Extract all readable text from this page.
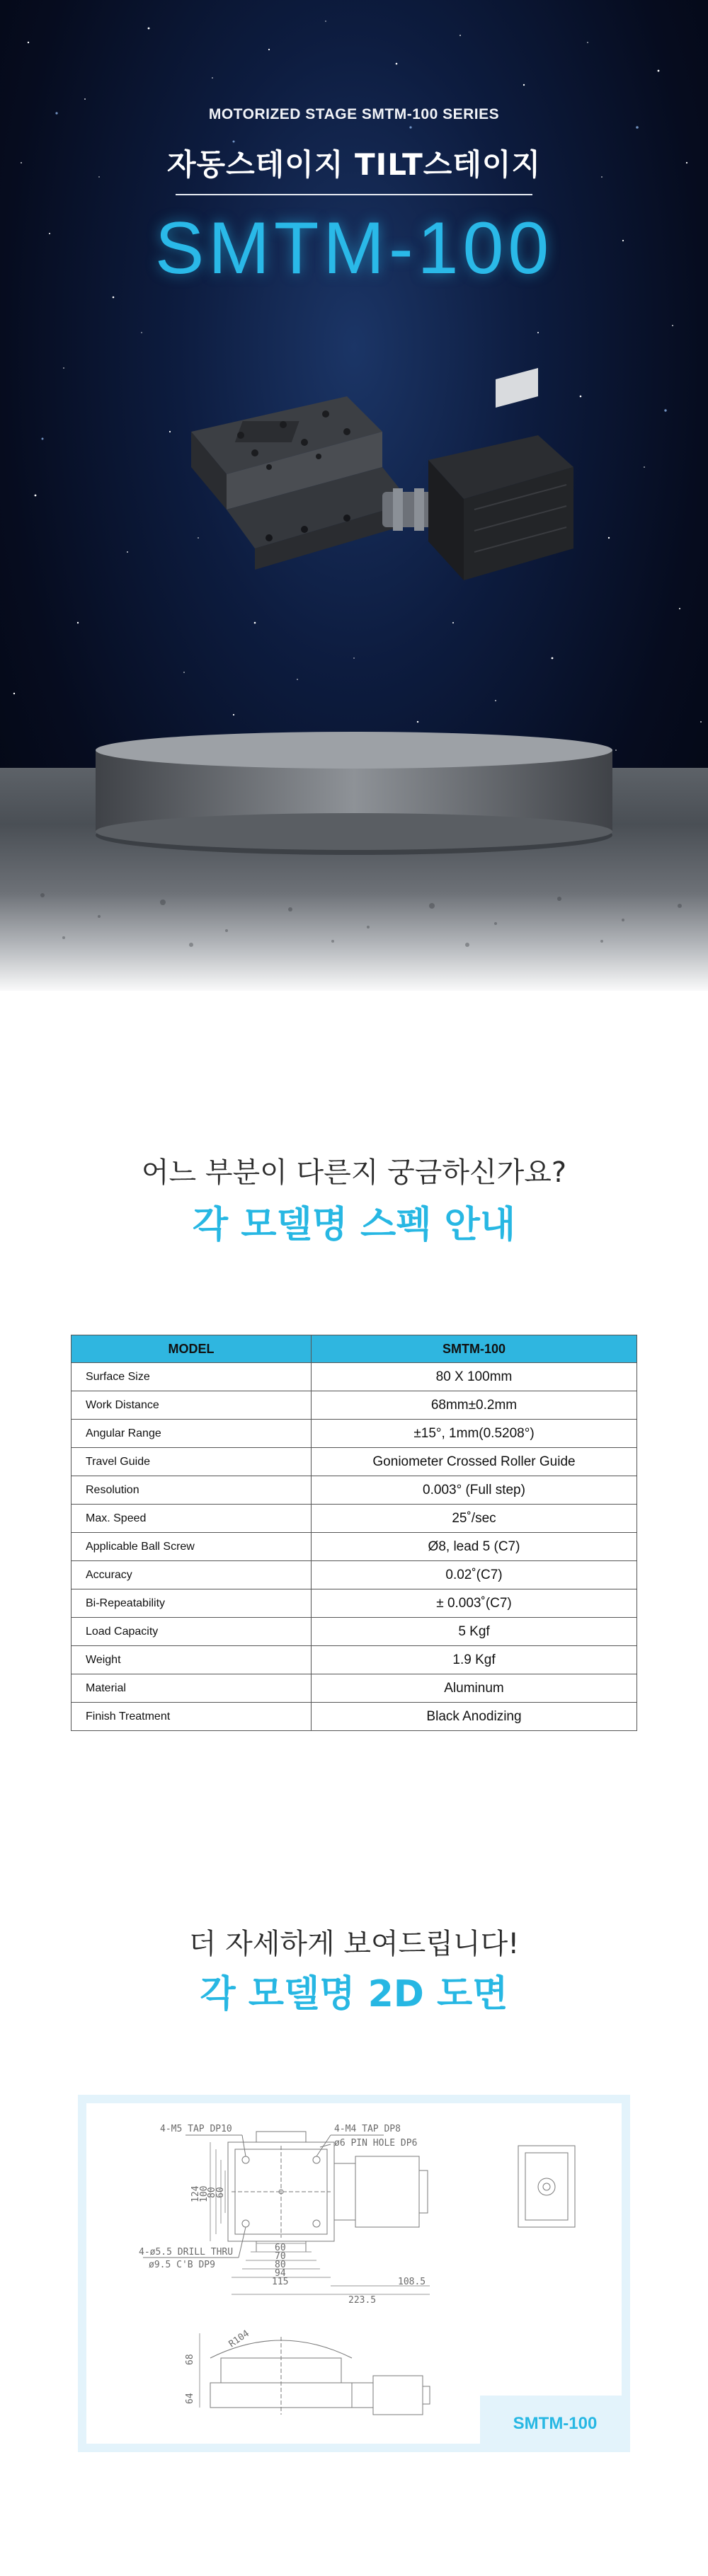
MOTORIZED STAGE SMTM-100 SERIES
자동스테이지 TILT스테이지
SMTM-100
어느 부분이 다른지 궁금하신가요?
각 모델명 스펙 안내
MODEL	SMTM-100
Surface Size	80 X 100mm
Work Distance	68mm±0.2mm
Angular Range	±15°, 1mm(0.5208°)
Travel Guide	Goniometer Crossed Roller Guide
Resolution	0.003° (Full step)
Max. Speed	25˚/sec
Applicable Ball Screw	Ø8, lead 5 (C7)
Accuracy	0.02˚(C7)
Bi-Repeatability	± 0.003˚(C7)
Load Capacity	5 Kgf
Weight	1.9 Kgf
Material	Aluminum
Finish Treatment	Black Anodizing
더 자세하게 보여드립니다!
각 모델명 2D 도면
4-M5 TAP DP10	4-M4 TAP DP8
ø6 PIN HOLE DP6
4-ø5.5 DRILL THRU
ø9.5 C'B DP9
124
100
80
60
60
70
80
94
115	108.5
223.5
68
R104
64
SMTM-100
